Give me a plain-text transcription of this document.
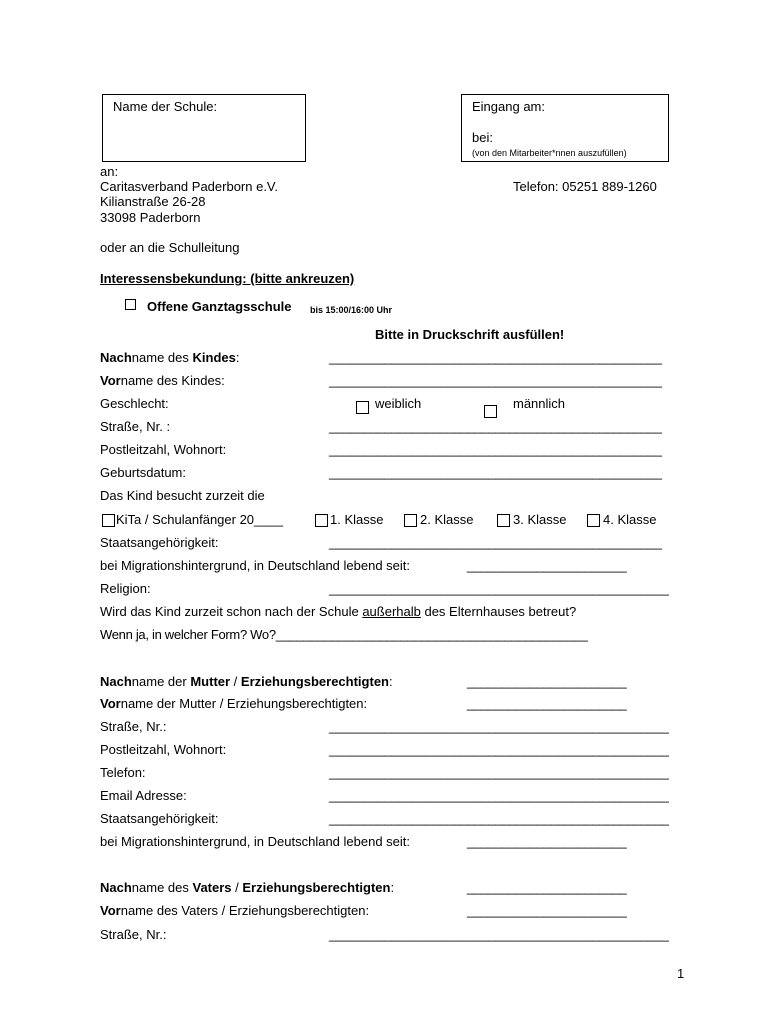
Name der Schule:	Eingang am:
bei:
(von den Mitarbeiter*nnen auszufüllen)
an:
Caritasverband Paderborn e.V.
Kilianstraße 26-28
33098 Paderborn
Telefon: 05251 889-1260
oder an die Schulleitung
Interessensbekundung: (bitte ankreuzen)
Offene Ganztagsschule bis 15:00/16:00 Uhr
Bitte in Druckschrift ausfüllen!
Nachname des Kindes:	________________________________________________
Vorname des Kindes:	________________________________________________
Geschlecht:	weiblich	männlich
Straße, Nr. :	________________________________________________
Postleitzahl, Wohnort:	________________________________________________
Geburtsdatum:	________________________________________________
Das Kind besucht zurzeit die
KiTa / Schulanfänger 20____	1. Klasse	2. Klasse	3. Klasse	4. Klasse
Staatsangehörigkeit:	________________________________________________
bei Migrationshintergrund, in Deutschland lebend seit:	_______________________
Religion:	_________________________________________________
Wird das Kind zurzeit schon nach der Schule außerhalb des Elternhauses betreut?
Wenn ja, in welcher Form? Wo?_____________________________________________
Nachname der Mutter / Erziehungsberechtigten:	_______________________
Vorname der Mutter / Erziehungsberechtigten:	_______________________
Straße, Nr.:	_________________________________________________
Postleitzahl, Wohnort:	_________________________________________________
Telefon:	_________________________________________________
Email Adresse:	_________________________________________________
Staatsangehörigkeit:	_________________________________________________
bei Migrationshintergrund, in Deutschland lebend seit:	_______________________
Nachname des Vaters / Erziehungsberechtigten:	_______________________
Vorname des Vaters / Erziehungsberechtigten:	_______________________
Straße, Nr.:	_________________________________________________
1
